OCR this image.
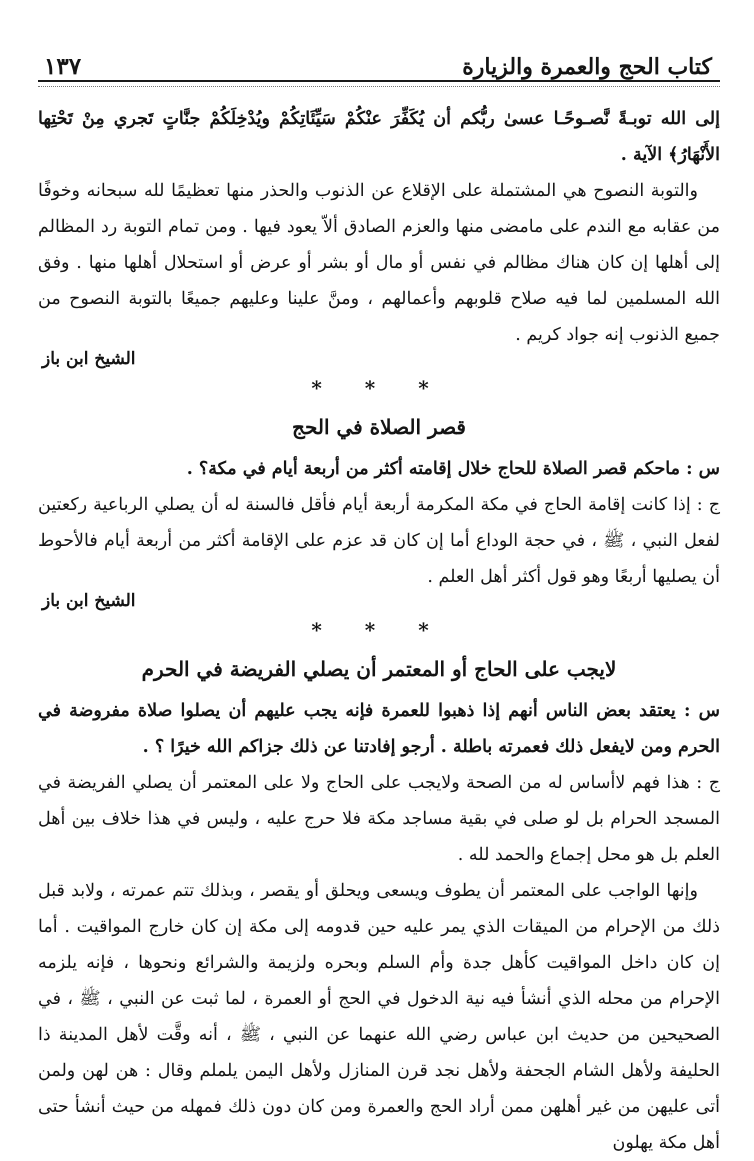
كتاب الحج والعمرة والزيارة
١٣٧

إلى الله توبـةً نَّصـوحًـا عسىٰ ربُّكم أن يُكَفِّرَ عنْكُمْ سَيِّئَاتِكُمْ ويُدْخِلَكُمْ جنَّاتٍ تَجري مِنْ تَحْتِها الأَنْهَارُ﴾ الآية .

والتوبة النصوح هي المشتملة على الإقلاع عن الذنوب والحذر منها تعظيمًا لله سبحانه وخوفًا من عقابه مع الندم على مامضى منها والعزم الصادق ألاّ يعود فيها . ومن تمام التوبة رد المظالم إلى أهلها إن كان هناك مظالم في نفس أو مال أو بشر أو عرض أو استحلال أهلها منها . وفق الله المسلمين لما فيه صلاح قلوبهم وأعمالهم ، ومنَّ علينا وعليهم جميعًا بالتوبة النصوح من جميع الذنوب إنه جواد كريم .

الشيخ ابن باز
* * *
قصر الصلاة في الحج

س : ماحكم قصر الصلاة للحاج خلال إقامته أكثر من أربعة أيام في مكة؟ .

ج : إذا كانت إقامة الحاج في مكة المكرمة أربعة أيام فأقل فالسنة له أن يصلي الرباعية ركعتين لفعل النبي ، ﷺ ، في حجة الوداع أما إن كان قد عزم على الإقامة أكثر من أربعة أيام فالأحوط أن يصليها أربعًا وهو قول أكثر أهل العلم .

الشيخ ابن باز
* * *
لايجب على الحاج أو المعتمر أن يصلي الفريضة في الحرم

س : يعتقد بعض الناس أنهم إذا ذهبوا للعمرة فإنه يجب عليهم أن يصلوا صلاة مفروضة في الحرم ومن لايفعل ذلك فعمرته باطلة . أرجو إفادتنا عن ذلك جزاكم الله خيرًا ؟ .

ج : هذا فهم لاأساس له من الصحة ولايجب على الحاج ولا على المعتمر أن يصلي الفريضة في المسجد الحرام بل لو صلى في بقية مساجد مكة فلا حرج عليه ، وليس في هذا خلاف بين أهل العلم بل هو محل إجماع والحمد لله .

وإنها الواجب على المعتمر أن يطوف ويسعى ويحلق أو يقصر ، وبذلك تتم عمرته ، ولابد قبل ذلك من الإحرام من الميقات الذي يمر عليه حين قدومه إلى مكة إن كان خارج المواقيت . أما إن كان داخل المواقيت كأهل جدة وأم السلم وبحره ولزيمة والشرائع ونحوها ، فإنه يلزمه الإحرام من محله الذي أنشأ فيه نية الدخول في الحج أو العمرة ، لما ثبت عن النبي ، ﷺ ، في الصحيحين من حديث ابن عباس رضي الله عنهما عن النبي ، ﷺ ، أنه وقَّت لأهل المدينة ذا الحليفة ولأهل الشام الجحفة ولأهل نجد قرن المنازل ولأهل اليمن يلملم وقال : هن لهن ولمن أتى عليهن من غير أهلهن ممن أراد الحج والعمرة ومن كان دون ذلك فمهله من حيث أنشأ حتى أهل مكة يهلون
